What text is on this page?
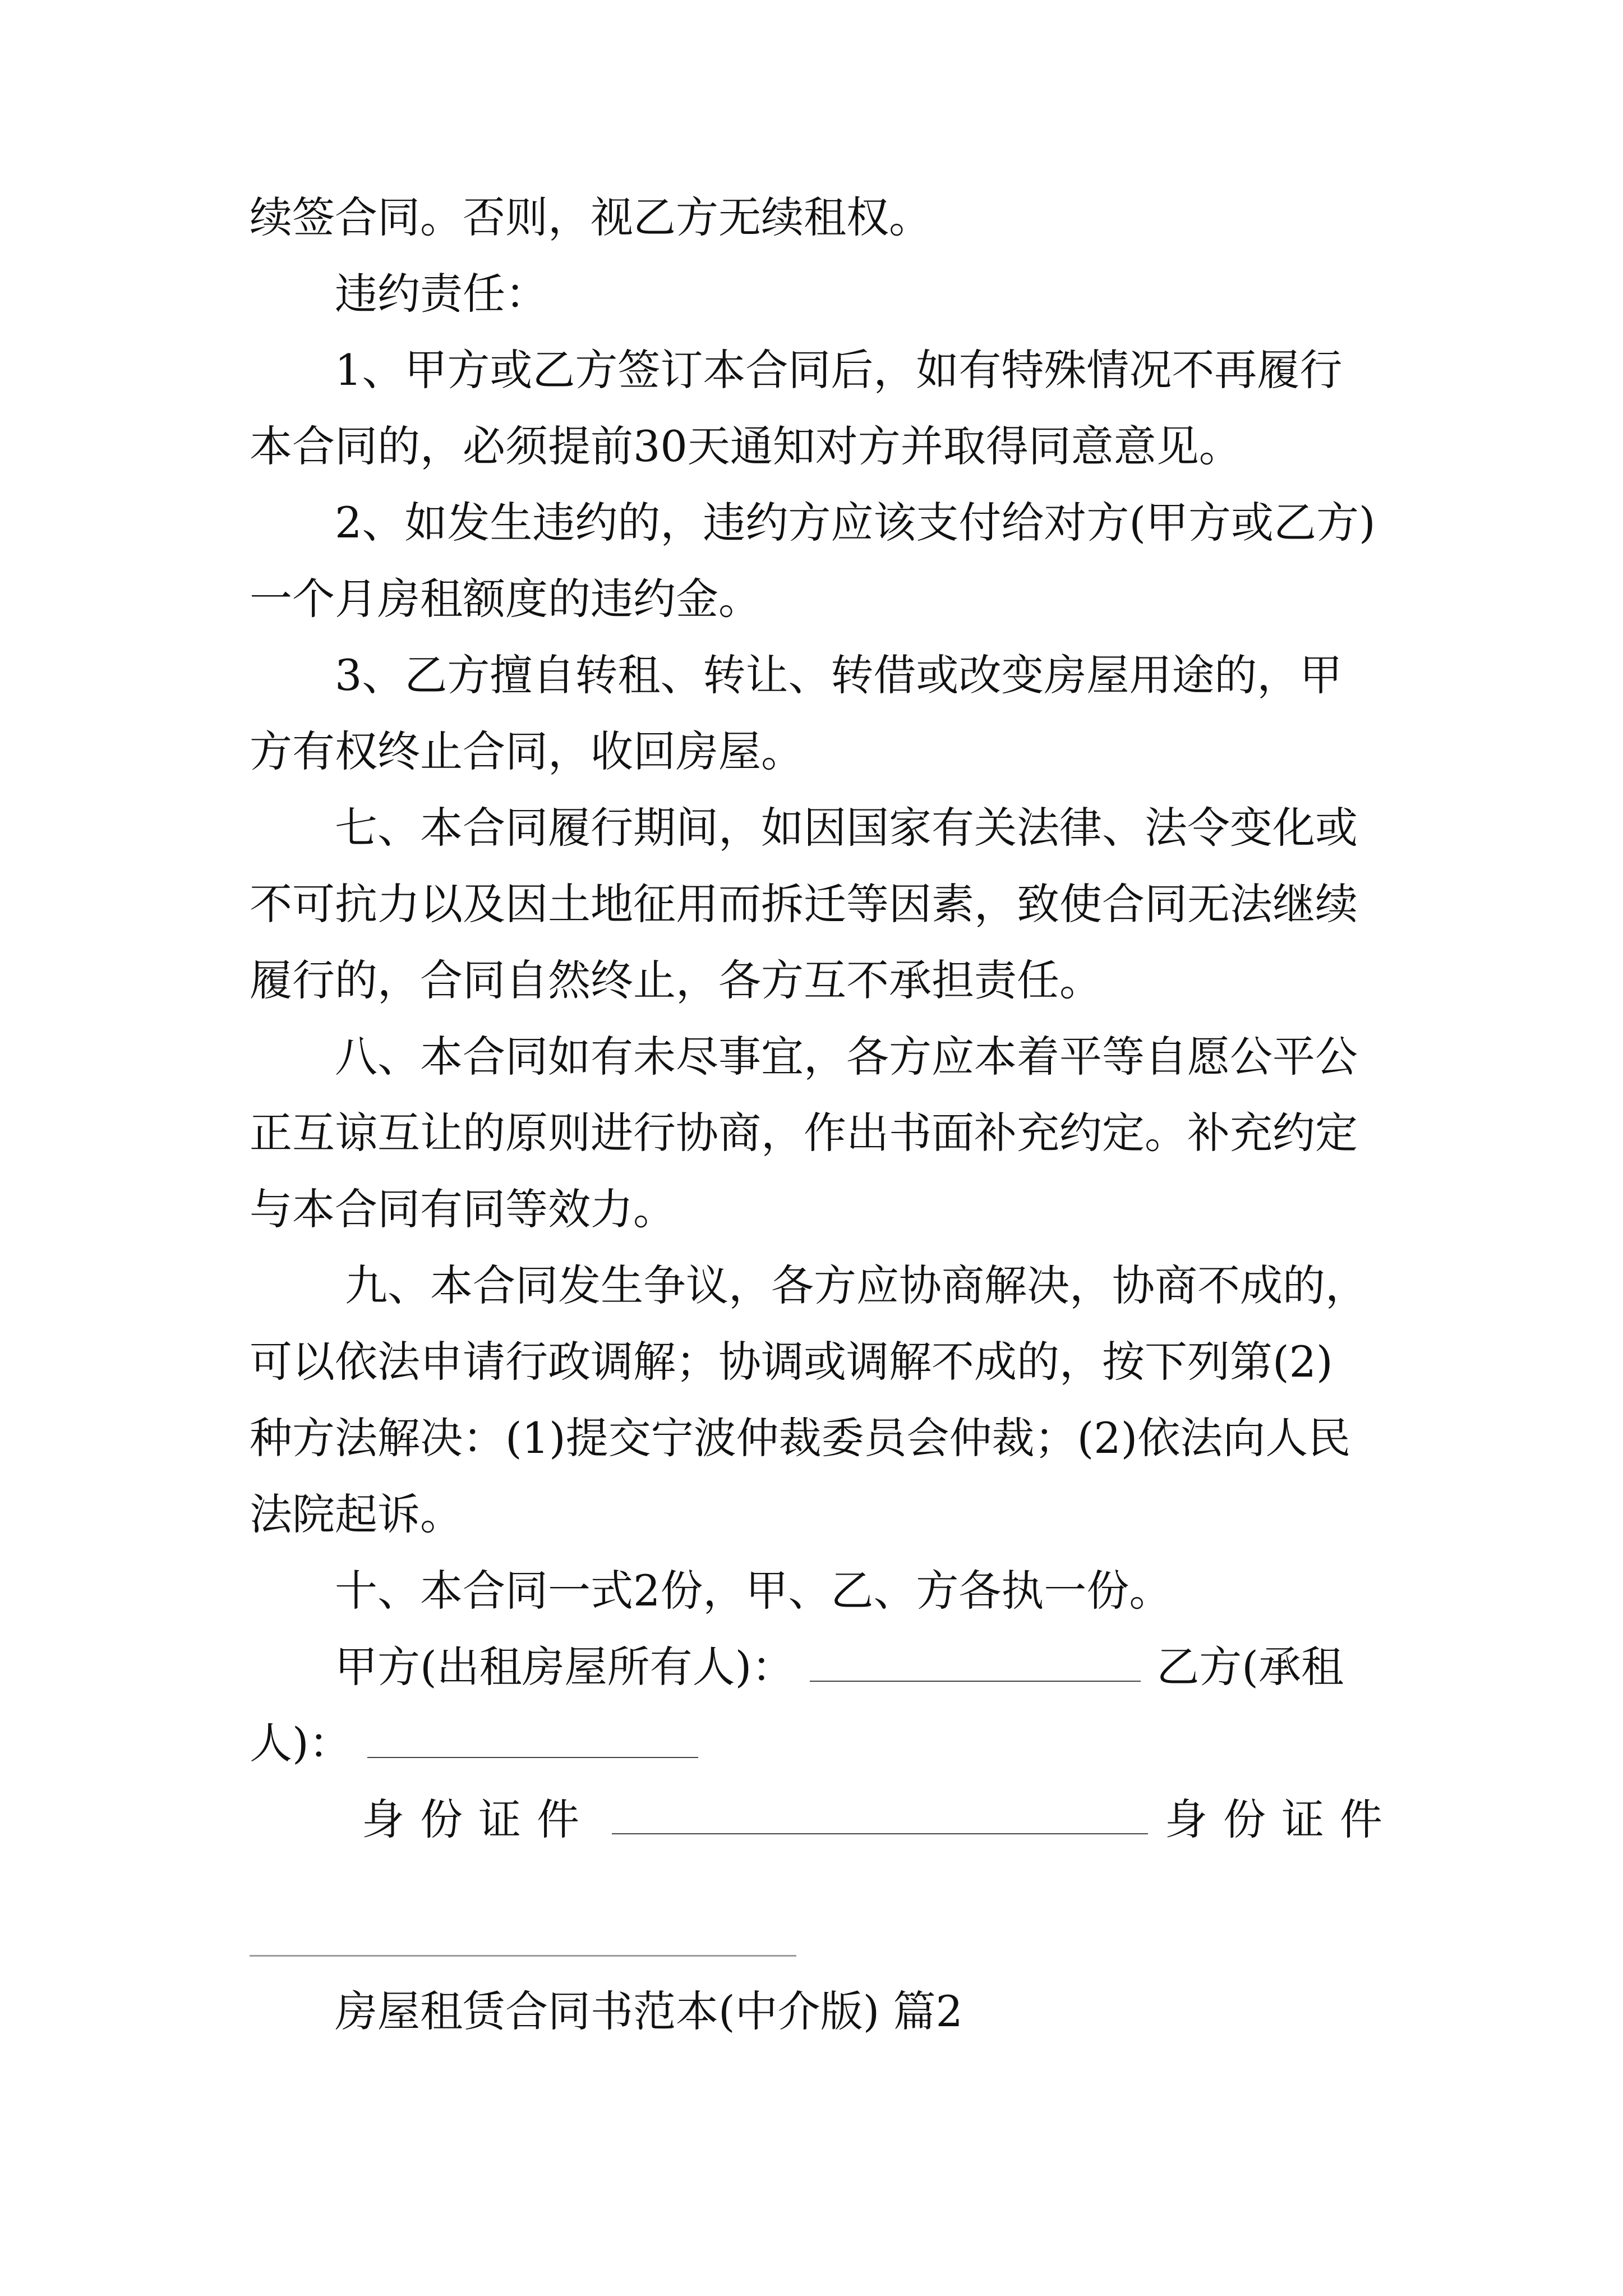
续签合同。否则，视乙方无续租权。
违约责任：
1、甲方或乙方签订本合同后，如有特殊情况不再履行
本合同的，必须提前30天通知对方并取得同意意见。
2、如发生违约的，违约方应该支付给对方(甲方或乙方)
一个月房租额度的违约金。
3、乙方擅自转租、转让、转借或改变房屋用途的，甲
方有权终止合同，收回房屋。
七、本合同履行期间，如因国家有关法律、法令变化或
不可抗力以及因土地征用而拆迁等因素，致使合同无法继续
履行的，合同自然终止，各方互不承担责任。
八、本合同如有未尽事宜，各方应本着平等自愿公平公
正互谅互让的原则进行协商，作出书面补充约定。补充约定
与本合同有同等效力。
九、本合同发生争议，各方应协商解决，协商不成的，
可以依法申请行政调解；协调或调解不成的，按下列第(2)
种方法解决：(1)提交宁波仲裁委员会仲裁；(2)依法向人民
法院起诉。
十、本合同一式2份，甲、乙、方各执一份。
甲方(出租房屋所有人)：	乙方(承租
人)：
身份证件	身份证件
房屋租赁合同书范本(中介版) 篇2
